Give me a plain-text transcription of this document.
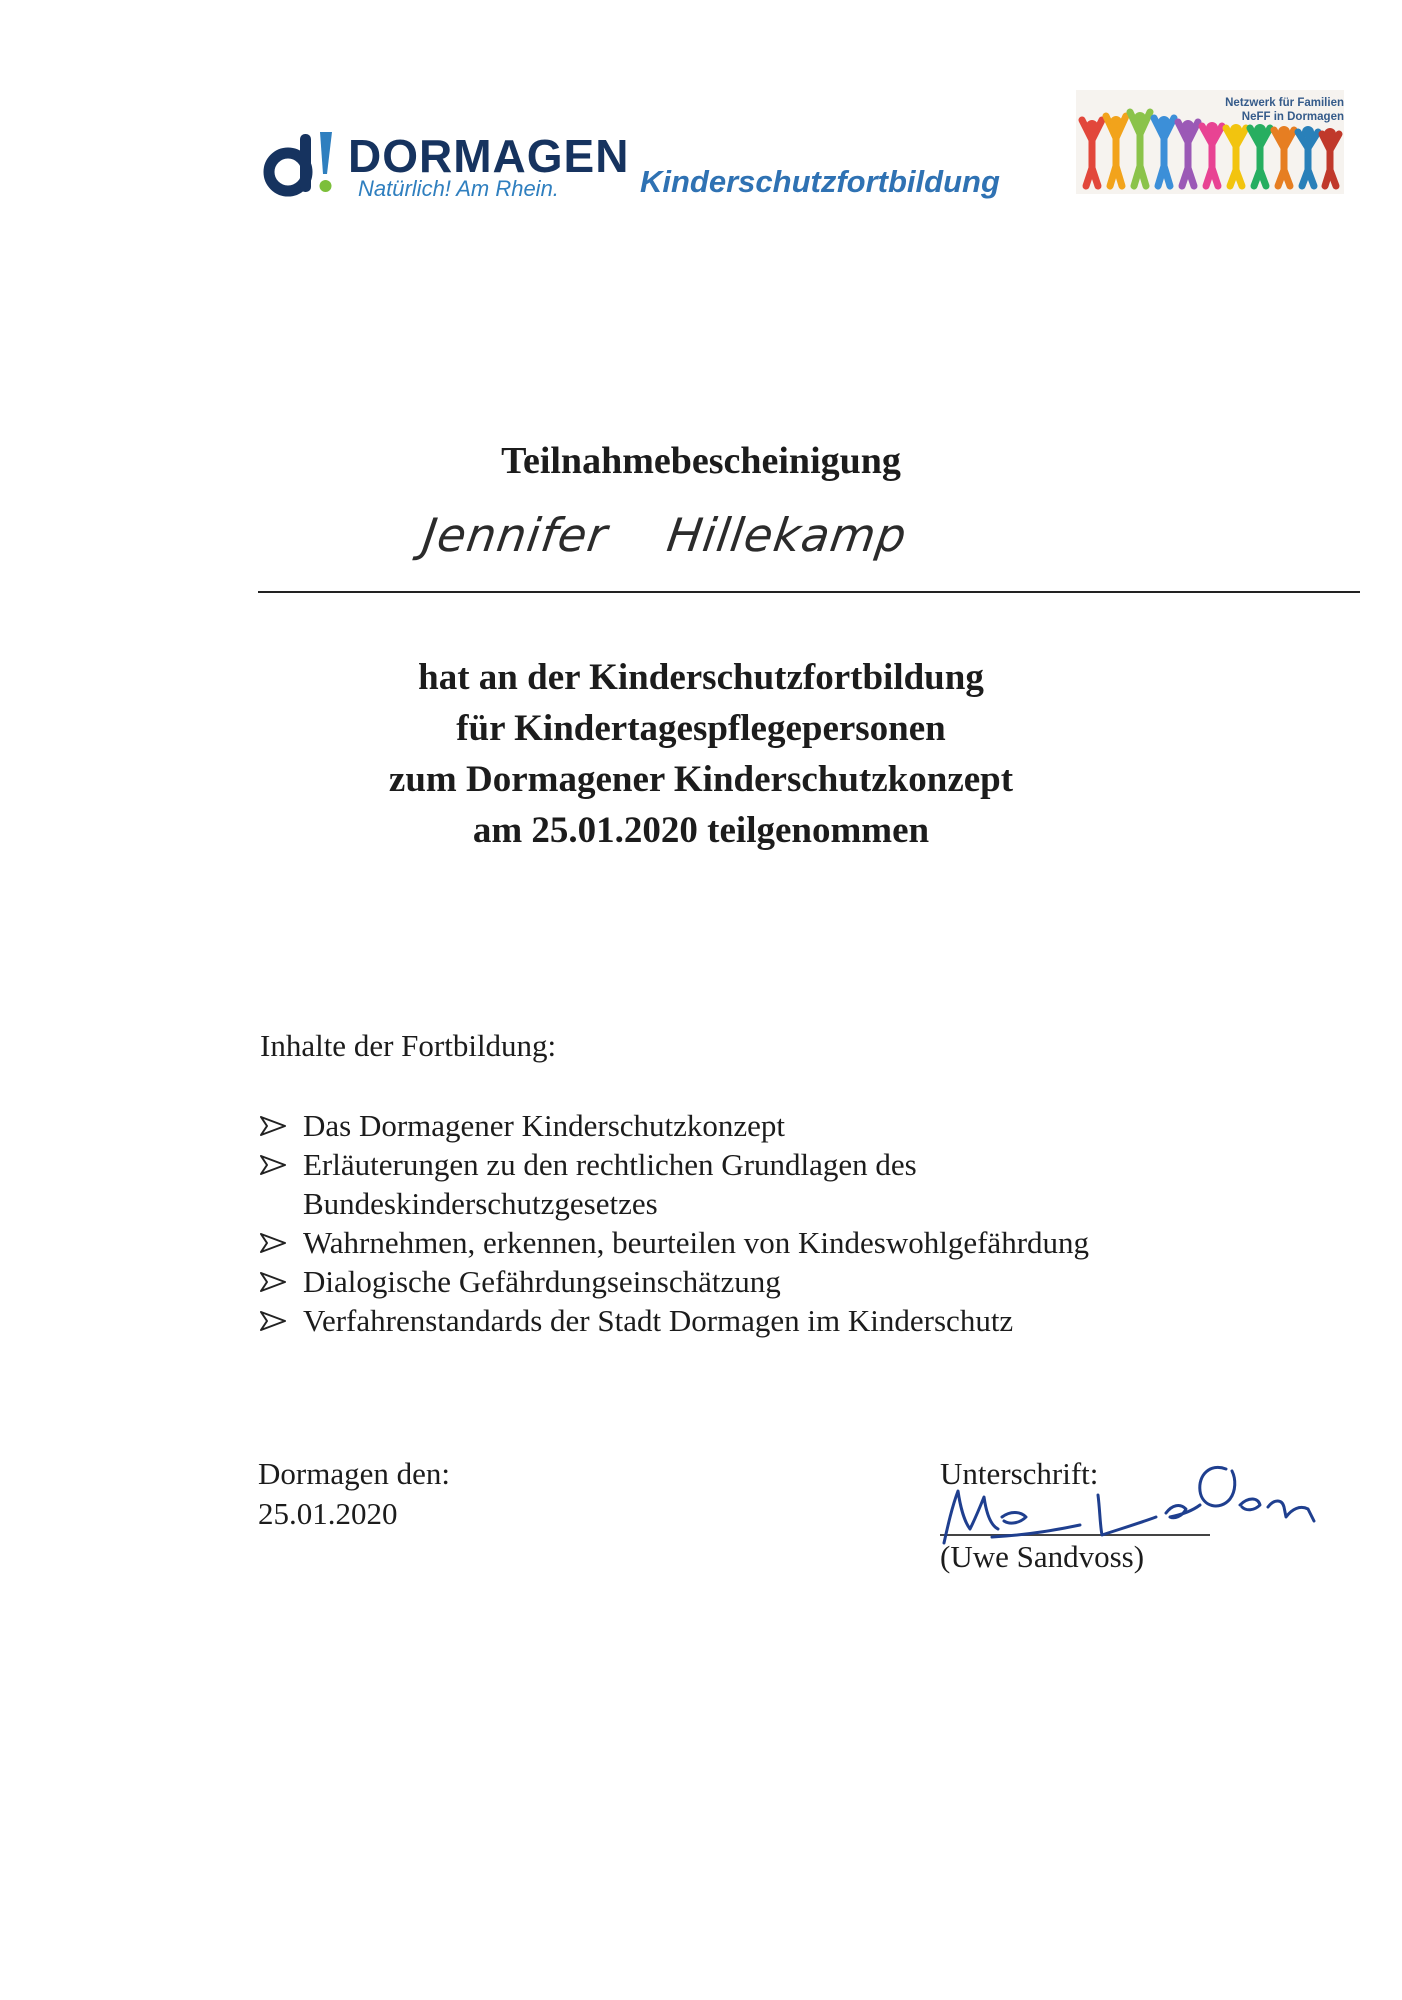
DORMAGEN
Natürlich! Am Rhein.	Kinderschutzfortbildung
Netzwerk für Familien
NeFF in Dormagen
Teilnahmebescheinigung
Jennifer Hillekamp
hat an der Kinderschutzfortbildung
für Kindertagespflegepersonen
zum Dormagener Kinderschutzkonzept
am 25.01.2020 teilgenommen
Inhalte der Fortbildung:
Das Dormagener Kinderschutzkonzept
Erläuterungen zu den rechtlichen Grundlagen des Bundeskinderschutzgesetzes
Wahrnehmen, erkennen, beurteilen von Kindeswohlgefährdung
Dialogische Gefährdungseinschätzung
Verfahrenstandards der Stadt Dormagen im Kinderschutz
Dormagen den:
25.01.2020
Unterschrift:
(Uwe Sandvoss)
